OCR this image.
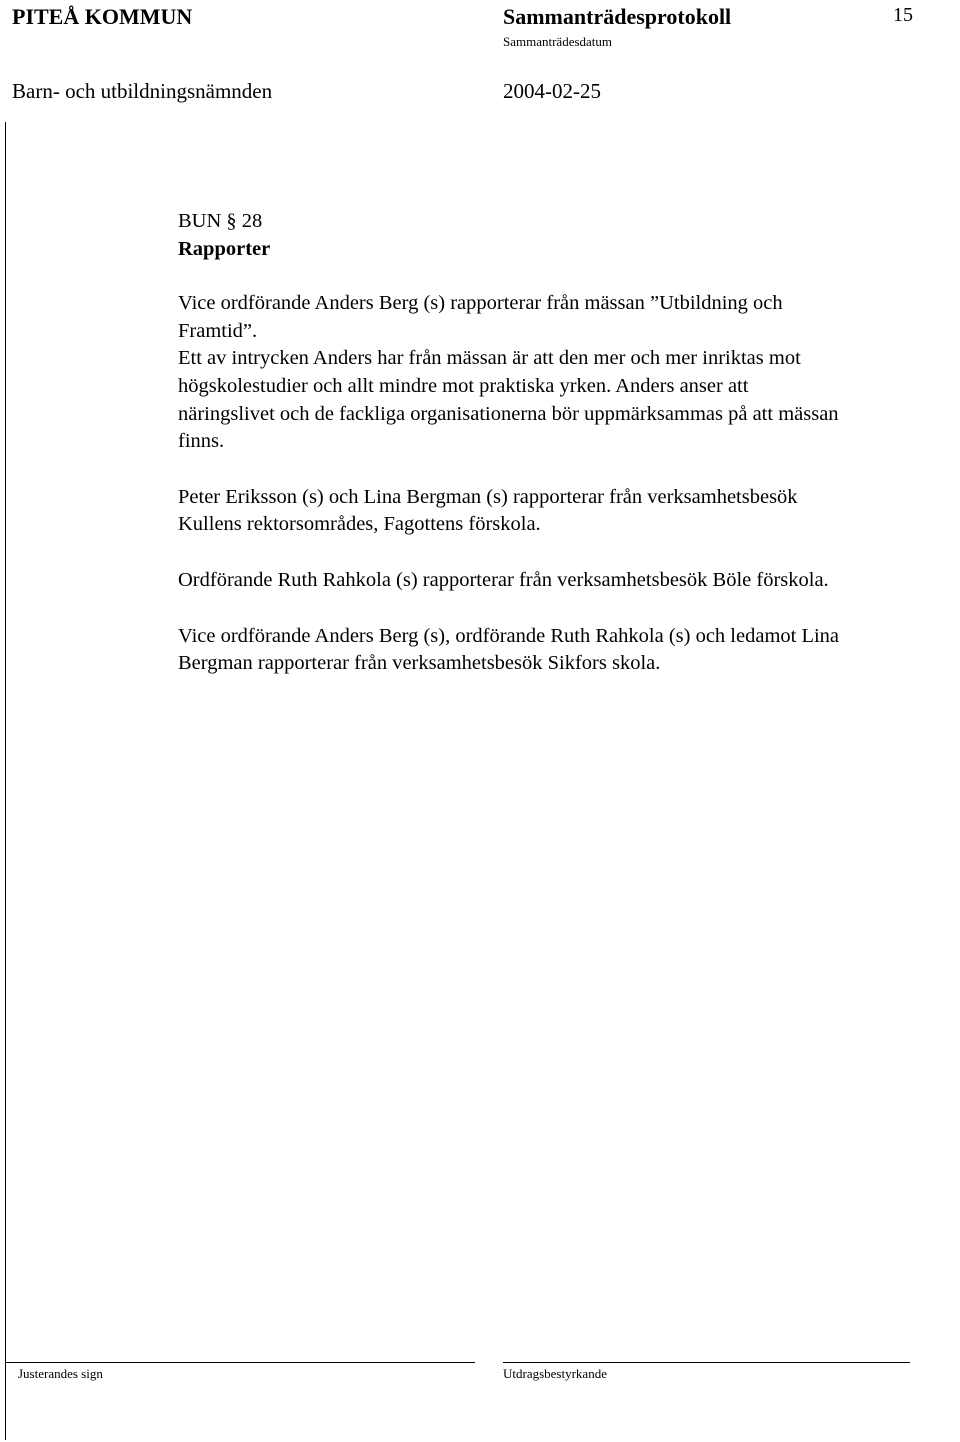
PITEÅ KOMMUN	Sammanträdesprotokoll	15
Sammanträdesdatum
Barn- och utbildningsnämnden	2004-02-25
BUN § 28
Rapporter
Vice ordförande Anders Berg (s) rapporterar från mässan ”Utbildning och
Framtid”.
Ett av intrycken Anders har från mässan är att den mer och mer inriktas mot
högskolestudier och allt mindre mot praktiska yrken. Anders anser att
näringslivet och de fackliga organisationerna bör uppmärksammas på att mässan
finns.
Peter Eriksson (s) och Lina Bergman (s) rapporterar från verksamhetsbesök
Kullens rektorsområdes, Fagottens förskola.
Ordförande Ruth Rahkola (s) rapporterar från verksamhetsbesök Böle förskola.
Vice ordförande Anders Berg (s), ordförande Ruth Rahkola (s) och ledamot Lina
Bergman rapporterar från verksamhetsbesök Sikfors skola.
Justerandes sign	Utdragsbestyrkande
